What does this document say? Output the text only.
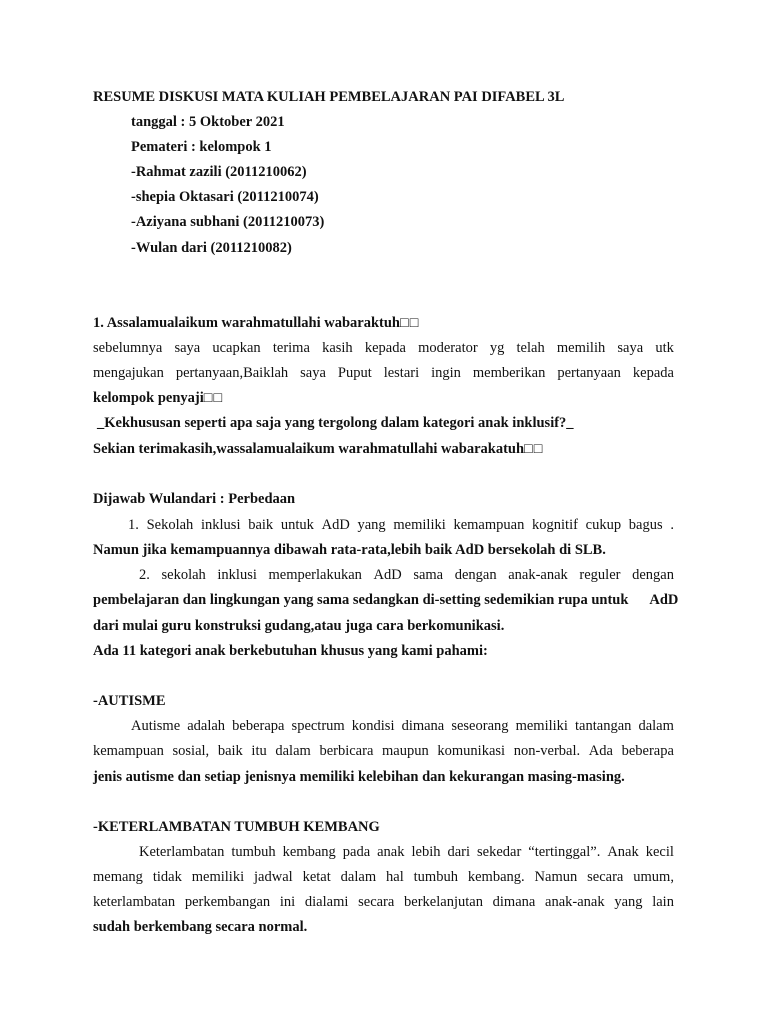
RESUME DISKUSI MATA KULIAH PEMBELAJARAN PAI DIFABEL 3L
tanggal : 5 Oktober 2021
Pemateri : kelompok 1
-Rahmat zazili (2011210062)
-shepia Oktasari (2011210074)
-Aziyana subhani (2011210073)
-Wulan dari (2011210082)
1. Assalamualaikum warahmatullahi wabaraktuh□□
sebelumnya saya ucapkan terima kasih kepada moderator yg telah memilih saya utk
mengajukan pertanyaan,Baiklah saya Puput lestari ingin memberikan pertanyaan kepada
kelompok penyaji□□
_Kekhususan seperti apa saja yang tergolong dalam kategori anak inklusif?_
Sekian terimakasih,wassalamualaikum warahmatullahi wabarakatuh□□
Dijawab Wulandari : Perbedaan
1. Sekolah inklusi baik untuk AdD yang memiliki kemampuan kognitif cukup bagus .
Namun jika kemampuannya dibawah rata-rata,lebih baik AdD bersekolah di SLB.
2. sekolah inklusi memperlakukan AdD sama dengan anak-anak reguler dengan
pembelajaran dan lingkungan yang sama sedangkan di-setting sedemikian rupa untuk      AdD
dari mulai guru konstruksi gudang,atau juga cara berkomunikasi.
Ada 11 kategori anak berkebutuhan khusus yang kami pahami:
-AUTISME
Autisme adalah beberapa spectrum kondisi dimana seseorang memiliki tantangan dalam
kemampuan sosial, baik itu dalam berbicara maupun komunikasi non-verbal. Ada beberapa
jenis autisme dan setiap jenisnya memiliki kelebihan dan kekurangan masing-masing.
-KETERLAMBATAN TUMBUH KEMBANG
Keterlambatan tumbuh kembang pada anak lebih dari sekedar “tertinggal”. Anak kecil
memang tidak memiliki jadwal ketat dalam hal tumbuh kembang. Namun secara umum,
keterlambatan perkembangan ini dialami secara berkelanjutan dimana anak-anak yang lain
sudah berkembang secara normal.
